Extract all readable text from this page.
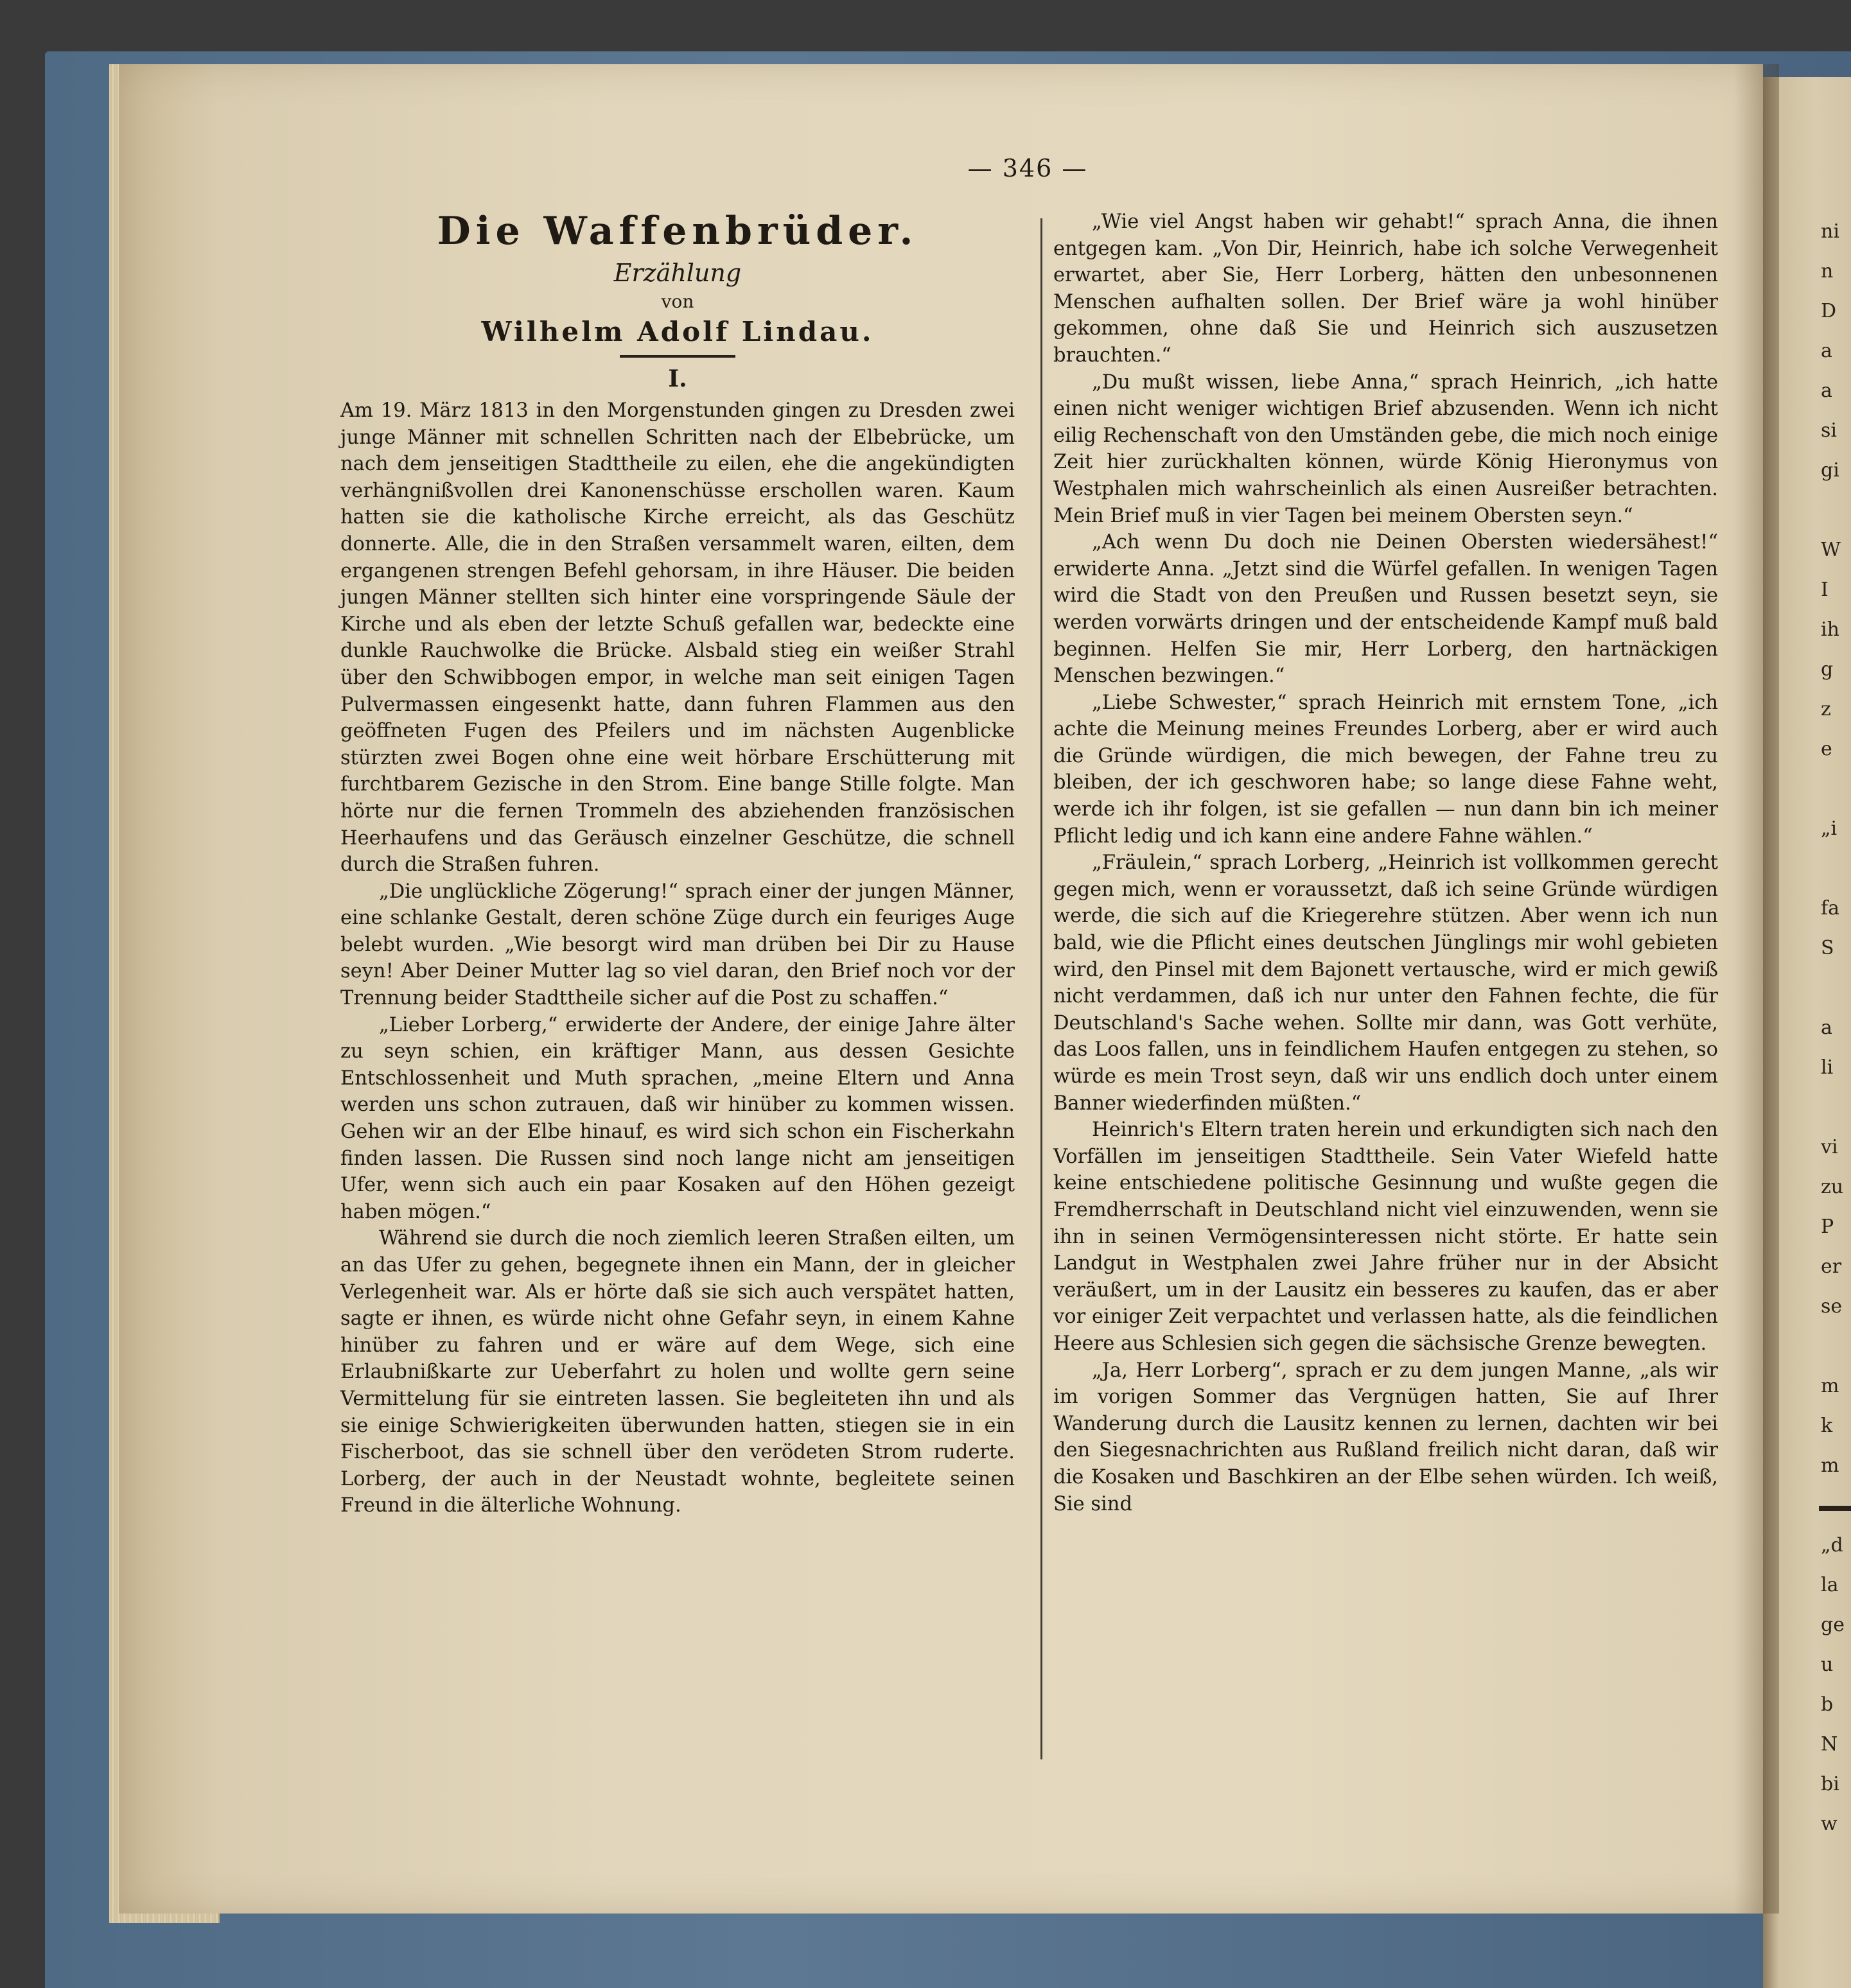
— 346 —
Die Waffenbrüder.
Erzählung
von
Wilhelm Adolf Lindau.
I.

Am 19. März 1813 in den Morgenstunden gingen zu Dresden zwei junge Männer mit schnellen Schritten nach der Elbebrücke, um nach dem jenseitigen Stadttheile zu eilen, ehe die angekündigten verhängnißvollen drei Kanonenschüsse erschollen waren. Kaum hatten sie die katholische Kirche erreicht, als das Geschütz donnerte. Alle, die in den Straßen versammelt waren, eilten, dem ergangenen strengen Befehl gehorsam, in ihre Häuser. Die beiden jungen Männer stellten sich hinter eine vorspringende Säule der Kirche und als eben der letzte Schuß gefallen war, bedeckte eine dunkle Rauchwolke die Brücke. Alsbald stieg ein weißer Strahl über den Schwibbogen empor, in welche man seit einigen Tagen Pulvermassen eingesenkt hatte, dann fuhren Flammen aus den geöffneten Fugen des Pfeilers und im nächsten Augenblicke stürzten zwei Bogen ohne eine weit hörbare Erschütterung mit furchtbarem Gezische in den Strom. Eine bange Stille folgte. Man hörte nur die fernen Trommeln des abziehenden französischen Heerhaufens und das Geräusch einzelner Geschütze, die schnell durch die Straßen fuhren.

„Die unglückliche Zögerung!“ sprach einer der jungen Männer, eine schlanke Gestalt, deren schöne Züge durch ein feuriges Auge belebt wurden. „Wie besorgt wird man drüben bei Dir zu Hause seyn! Aber Deiner Mutter lag so viel daran, den Brief noch vor der Trennung beider Stadttheile sicher auf die Post zu schaffen.“

„Lieber Lorberg,“ erwiderte der Andere, der einige Jahre älter zu seyn schien, ein kräftiger Mann, aus dessen Gesichte Entschlossenheit und Muth sprachen, „meine Eltern und Anna werden uns schon zutrauen, daß wir hinüber zu kommen wissen. Gehen wir an der Elbe hinauf, es wird sich schon ein Fischerkahn finden lassen. Die Russen sind noch lange nicht am jenseitigen Ufer, wenn sich auch ein paar Kosaken auf den Höhen gezeigt haben mögen.“

Während sie durch die noch ziemlich leeren Straßen eilten, um an das Ufer zu gehen, begegnete ihnen ein Mann, der in gleicher Verlegenheit war. Als er hörte daß sie sich auch verspätet hatten, sagte er ihnen, es würde nicht ohne Gefahr seyn, in einem Kahne hinüber zu fahren und er wäre auf dem Wege, sich eine Erlaubnißkarte zur Ueberfahrt zu holen und wollte gern seine Vermittelung für sie eintreten lassen. Sie begleiteten ihn und als sie einige Schwierigkeiten überwunden hatten, stiegen sie in ein Fischerboot, das sie schnell über den verödeten Strom ruderte. Lorberg, der auch in der Neustadt wohnte, begleitete seinen Freund in die älterliche Wohnung.

„Wie viel Angst haben wir gehabt!“ sprach Anna, die ihnen entgegen kam. „Von Dir, Heinrich, habe ich solche Verwegenheit erwartet, aber Sie, Herr Lorberg, hätten den unbesonnenen Menschen aufhalten sollen. Der Brief wäre ja wohl hinüber gekommen, ohne daß Sie und Heinrich sich auszusetzen brauchten.“

„Du mußt wissen, liebe Anna,“ sprach Heinrich, „ich hatte einen nicht weniger wichtigen Brief abzusenden. Wenn ich nicht eilig Rechenschaft von den Umständen gebe, die mich noch einige Zeit hier zurückhalten können, würde König Hieronymus von Westphalen mich wahrscheinlich als einen Ausreißer betrachten. Mein Brief muß in vier Tagen bei meinem Obersten seyn.“

„Ach wenn Du doch nie Deinen Obersten wiedersähest!“ erwiderte Anna. „Jetzt sind die Würfel gefallen. In wenigen Tagen wird die Stadt von den Preußen und Russen besetzt seyn, sie werden vorwärts dringen und der entscheidende Kampf muß bald beginnen. Helfen Sie mir, Herr Lorberg, den hartnäckigen Menschen bezwingen.“

„Liebe Schwester,“ sprach Heinrich mit ernstem Tone, „ich achte die Meinung meines Freundes Lorberg, aber er wird auch die Gründe würdigen, die mich bewegen, der Fahne treu zu bleiben, der ich geschworen habe; so lange diese Fahne weht, werde ich ihr folgen, ist sie gefallen — nun dann bin ich meiner Pflicht ledig und ich kann eine andere Fahne wählen.“

„Fräulein,“ sprach Lorberg, „Heinrich ist vollkommen gerecht gegen mich, wenn er voraussetzt, daß ich seine Gründe würdigen werde, die sich auf die Kriegerehre stützen. Aber wenn ich nun bald, wie die Pflicht eines deutschen Jünglings mir wohl gebieten wird, den Pinsel mit dem Bajonett vertausche, wird er mich gewiß nicht verdammen, daß ich nur unter den Fahnen fechte, die für Deutschland's Sache wehen. Sollte mir dann, was Gott verhüte, das Loos fallen, uns in feindlichem Haufen entgegen zu stehen, so würde es mein Trost seyn, daß wir uns endlich doch unter einem Banner wiederfinden müßten.“

Heinrich's Eltern traten herein und erkundigten sich nach den Vorfällen im jenseitigen Stadttheile. Sein Vater Wiefeld hatte keine entschiedene politische Gesinnung und wußte gegen die Fremdherrschaft in Deutschland nicht viel einzuwenden, wenn sie ihn in seinen Vermögensinteressen nicht störte. Er hatte sein Landgut in Westphalen zwei Jahre früher nur in der Absicht veräußert, um in der Lausitz ein besseres zu kaufen, das er aber vor einiger Zeit verpachtet und verlassen hatte, als die feindlichen Heere aus Schlesien sich gegen die sächsische Grenze bewegten.

„Ja, Herr Lorberg“, sprach er zu dem jungen Manne, „als wir im vorigen Sommer das Vergnügen hatten, Sie auf Ihrer Wanderung durch die Lausitz kennen zu lernen, dachten wir bei den Siegesnachrichten aus Rußland freilich nicht daran, daß wir die Kosaken und Baschkiren an der Elbe sehen würden. Ich weiß, Sie sind

ni
n
D
a
a
si
gi
W
I
ih
g
z
e
„i
fa
S
a
li
vi
zu
P
er
se
m
k
m
„d
la
ge
u
b
N
bi
w
